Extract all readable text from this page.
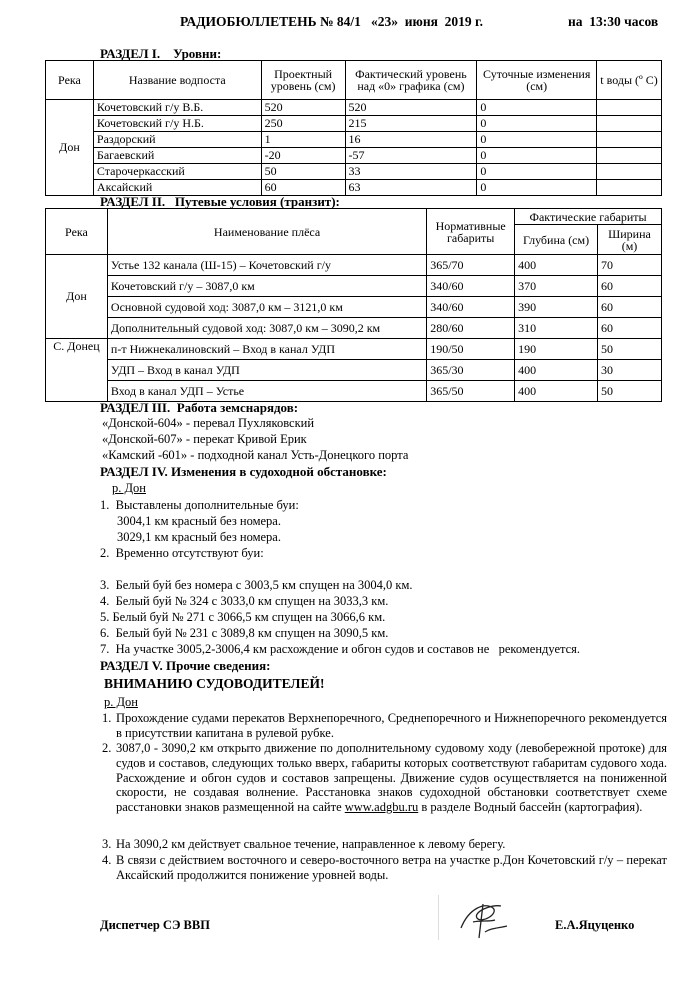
РАДИОБЮЛЛЕТЕНЬ № 84/1   «23»  июня  2019 г.	на  13:30 часов
РАЗДЕЛ I.    Уровни:
Река	Название водпоста	Проектный уровень (см)	Фактический уровень над «0» графика (см)	Суточные изменения (см)	t воды (º С)
Дон	Кочетовский г/у В.Б.	520	520	0	
	Кочетовский г/у Н.Б.	250	215	0	
	Раздорский	1	16	0	
	Багаевский	-20	-57	0	
	Старочеркасский	50	33	0	
	Аксайский	60	63	0	
РАЗДЕЛ II.   Путевые условия (транзит):
Река	Наименование плёса	Нормативные габариты	Фактические габариты	
			Глубина (см)	Ширина (м)
Дон	Устье 132 канала (Ш-15) – Кочетовский г/у	365/70	400	70
	Кочетовский г/у – 3087,0 км	340/60	370	60
	Основной судовой ход: 3087,0 км – 3121,0 км	340/60	390	60
	Дополнительный судовой ход: 3087,0 км – 3090,2 км	280/60	310	60
С. Донец	п-т Нижнекалиновский – Вход в канал УДП	190/50	190	50
	УДП – Вход в канал УДП	365/30	400	30
	Вход в канал УДП – Устье	365/50	400	50
РАЗДЕЛ III.  Работа земснарядов:
«Донской-604» - перевал Пухляковский
«Донской-607» - перекат Кривой Ерик
«Камский -601» - подходной канал Усть-Донецкого порта
РАЗДЕЛ IV. Изменения в судоходной обстановке:
р. Дон
1.  Выставлены дополнительные буи:
3004,1 км красный без номера.
3029,1 км красный без номера.
2.  Временно отсутствуют буи:
3.  Белый буй без номера с 3003,5 км спущен на 3004,0 км.
4.  Белый буй № 324 с 3033,0 км спущен на 3033,3 км.
5. Белый буй № 271 с 3066,5 км спущен на 3066,6 км.
6.  Белый буй № 231 с 3089,8 км спущен на 3090,5 км.
7.  На участке 3005,2-3006,4 км расхождение и обгон судов и составов не   рекомендуется.
РАЗДЕЛ V. Прочие сведения:
ВНИМАНИЮ СУДОВОДИТЕЛЕЙ!
р. Дон
1. Прохождение судами перекатов Верхнепоречного, Среднепоречного и Нижнепоречного рекомендуется в присутствии капитана в рулевой рубке.
2. 3087,0 - 3090,2 км открыто движение по дополнительному судовому ходу (левобережной протоке) для судов и составов, следующих только вверх, габариты которых соответствуют габаритам судового хода. Расхождение и обгон судов и составов запрещены. Движение судов осуществляется на пониженной скорости, не создавая волнение. Расстановка знаков судоходной обстановки соответствует схеме расстановки знаков размещенной на сайте www.adgbu.ru в разделе Водный бассейн (картография).
3. На 3090,2 км действует свальное течение, направленное к левому берегу.
4. В связи с действием восточного и северо-восточного ветра на участке р.Дон Кочетовский г/у – перекат Аксайский продолжится понижение уровней воды.
Диспетчер СЭ ВВП	Е.А.Яцуценко
